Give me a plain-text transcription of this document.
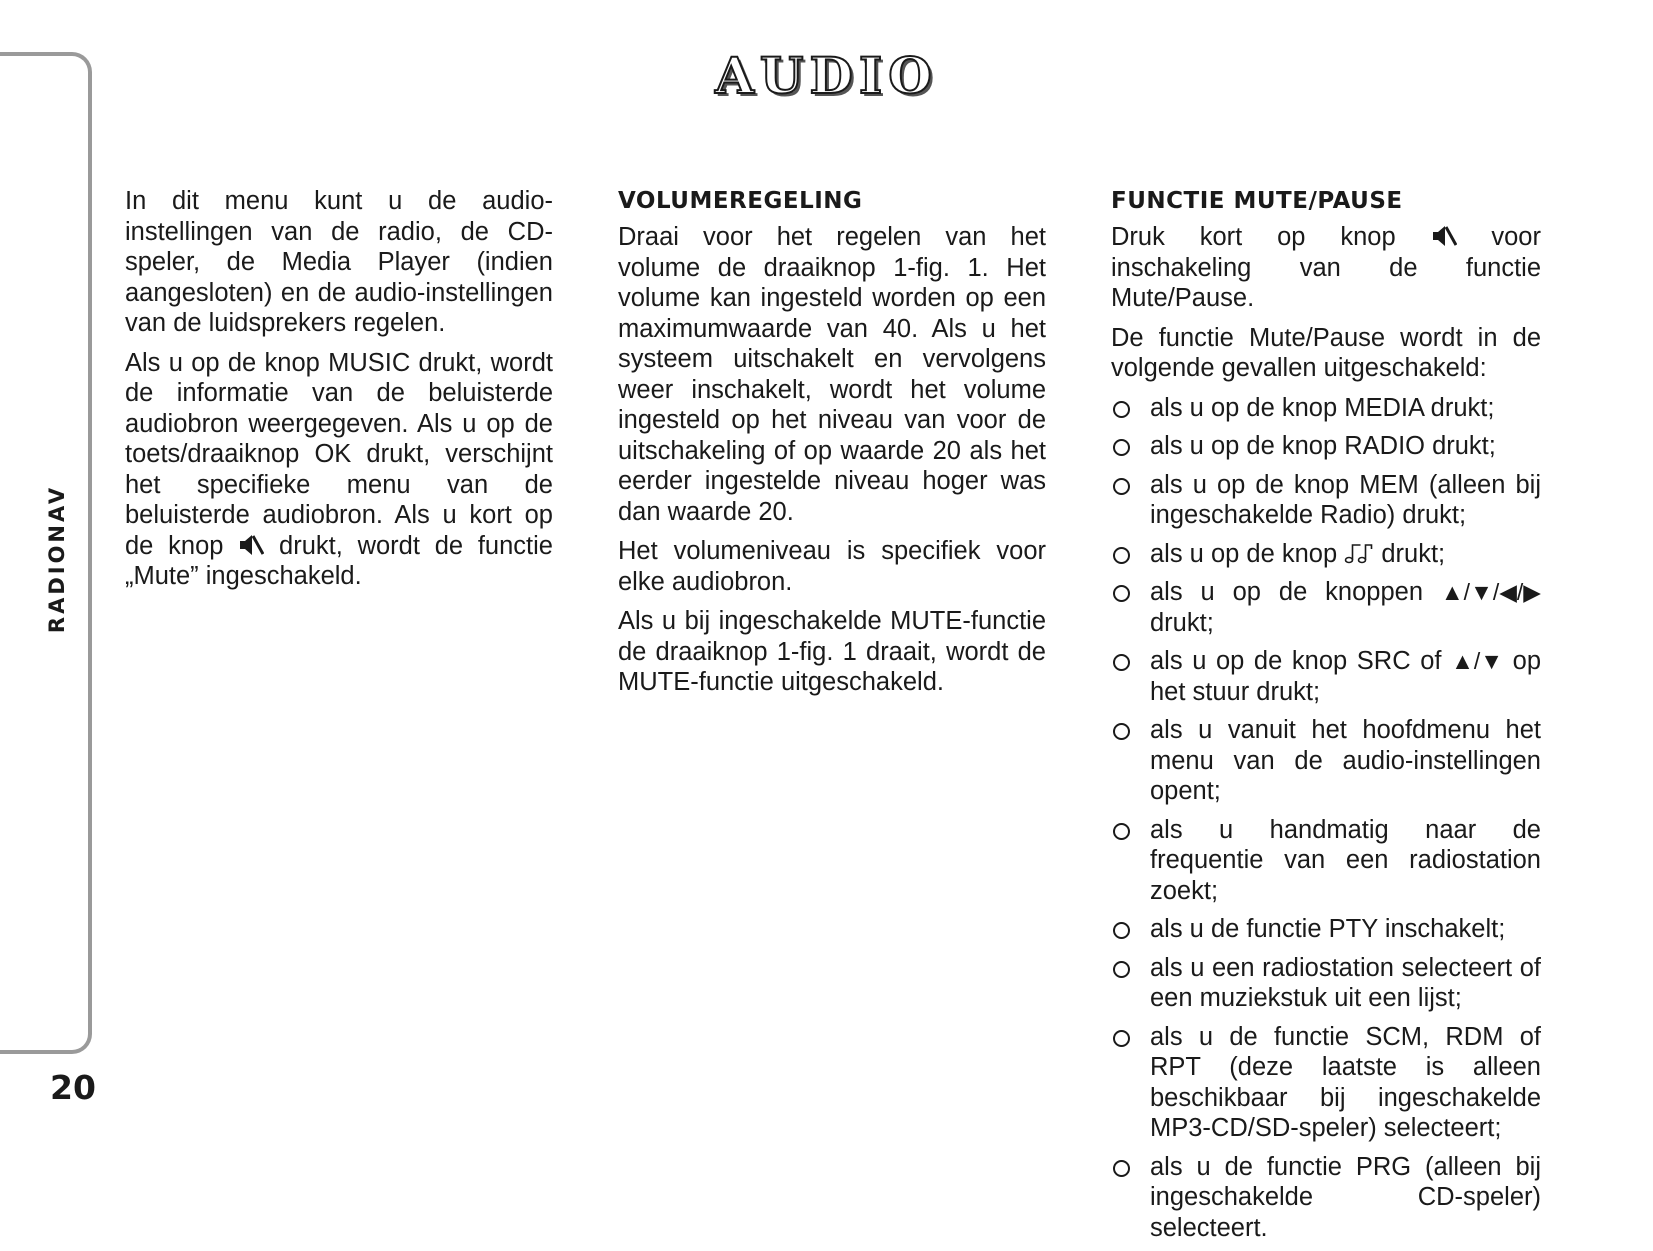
RADIONAV
20
AUDIO

In dit menu kunt u de audio-instellingen van de radio, de CD-speler, de Media Player (indien aangesloten) en de audio-instellingen van de luidsprekers regelen.

Als u op de knop MUSIC drukt, wordt de informatie van de beluisterde audiobron weergegeven. Als u op de toets/draaiknop OK drukt, verschijnt het specifieke menu van de beluisterde audiobron. Als u kort op de knop drukt, wordt de functie „Mute” ingeschakeld.

VOLUMEREGELING

Draai voor het regelen van het volume de draaiknop 1-fig. 1. Het volume kan ingesteld worden op een maximumwaarde van 40. Als u het systeem uitschakelt en vervolgens weer inschakelt, wordt het volume ingesteld op het niveau van voor de uitschakeling of op waarde 20 als het eerder ingestelde niveau hoger was dan waarde 20.

Het volumeniveau is specifiek voor elke audiobron.

Als u bij ingeschakelde MUTE-functie de draaiknop 1-fig. 1 draait, wordt de MUTE-functie uitgeschakeld.

FUNCTIE MUTE/PAUSE

Druk kort op knop	voor inschakeling van de functie Mute/Pause.

De functie Mute/Pause wordt in de volgende gevallen uitgeschakeld:

als u op de knop MEDIA drukt;
als u op de knop RADIO drukt;
als u op de knop MEM (alleen bij ingeschakelde Radio) drukt;
als u op de knop drukt;
als u op de knoppen ▲/▼/◀/▶ drukt;
als u op de knop SRC of ▲/▼ op het stuur drukt;
als u vanuit het hoofdmenu het menu van de audio-instellingen opent;
als u handmatig naar de frequentie van een radiostation zoekt;
als u de functie PTY inschakelt;
als u een radiostation selecteert of een muziekstuk uit een lijst;
als u de functie SCM, RDM of RPT (deze laatste is alleen beschikbaar bij ingeschakelde MP3-CD/SD-speler) selecteert;
als u de functie PRG (alleen bij ingeschakelde CD-speler) selecteert.
